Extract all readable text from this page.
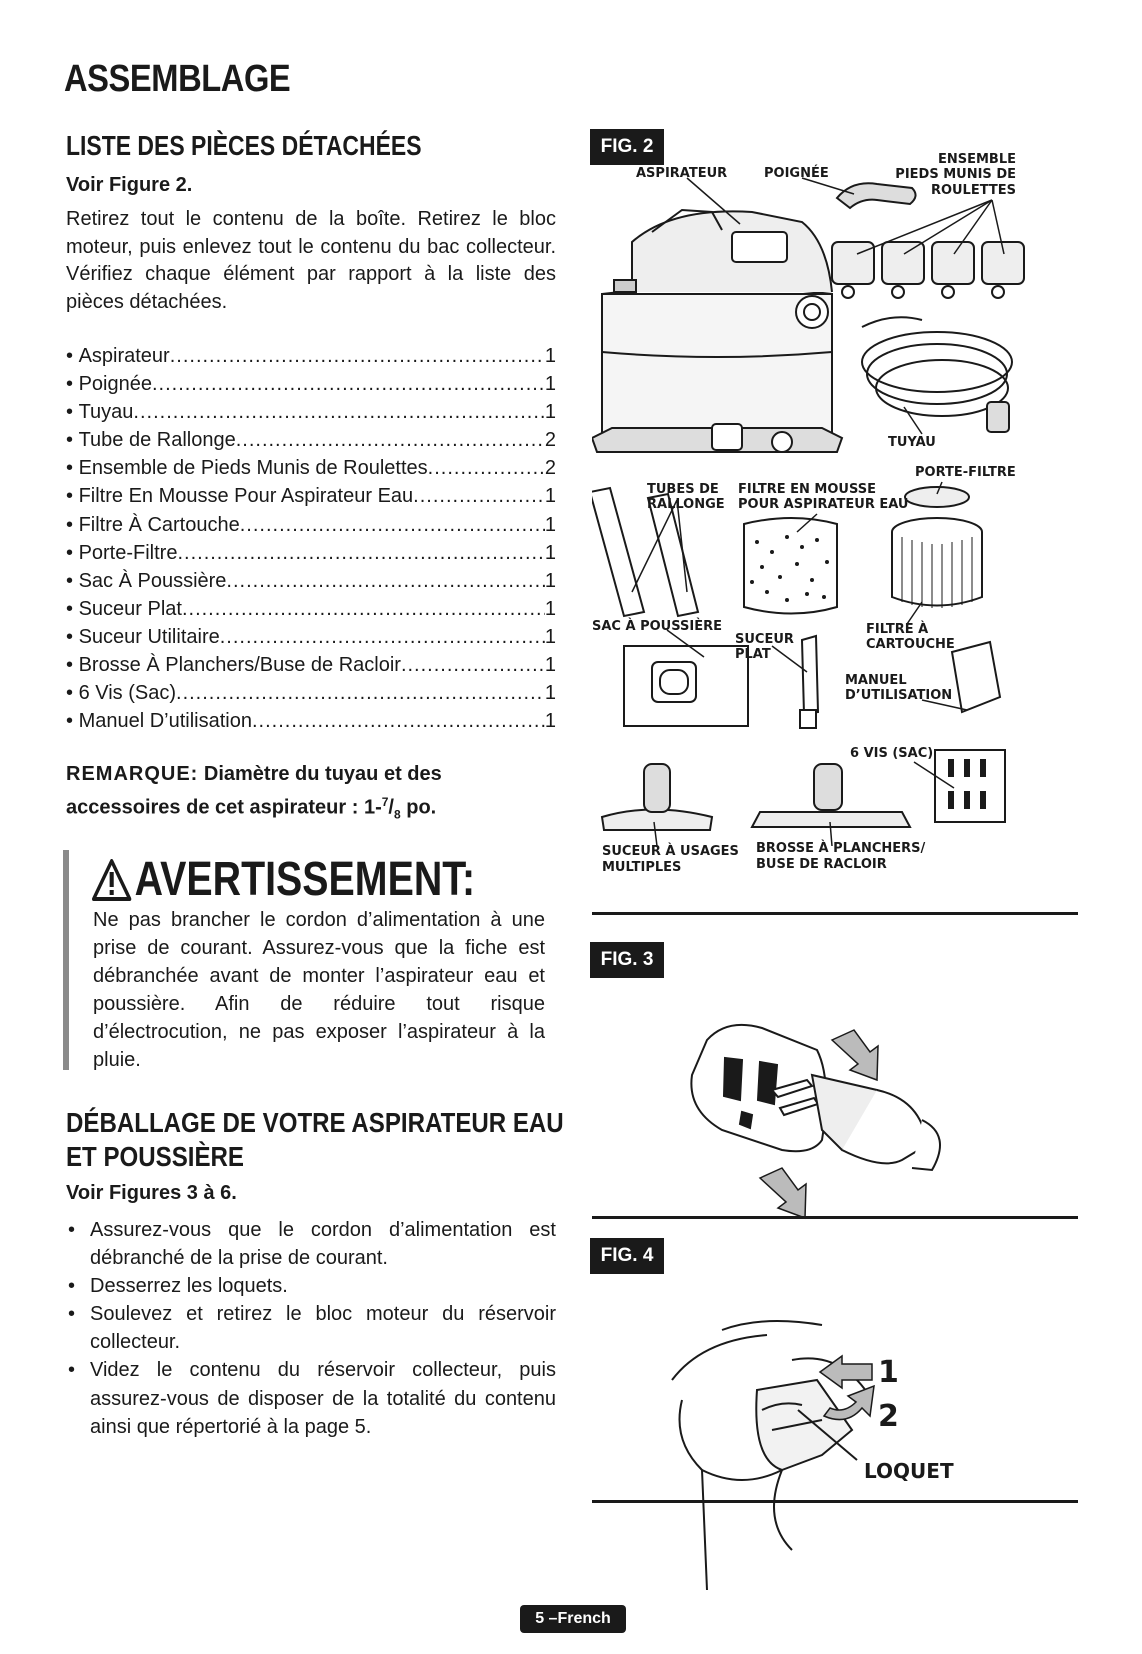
ASSEMBLAGE
LISTE DES PIÈCES DÉTACHÉES
Voir Figure 2.
Retirez tout le contenu de la boîte. Retirez le bloc moteur, puis enlevez tout le contenu du bac collecteur. Vérifiez chaque élément par rapport à la liste des pièces détachées.
• Aspirateur .....	1
• Poignée .....	1
• Tuyau .....	1
• Tube de Rallonge .....	2
• Ensemble de Pieds Munis de Roulettes .....	2
• Filtre En Mousse Pour Aspirateur Eau .....	1
• Filtre À Cartouche .....	1
• Porte-Filtre .....	1
• Sac À Poussière .....	1
• Suceur Plat .....	1
• Suceur Utilitaire .....	1
• Brosse À Planchers/Buse de Racloir .....	1
• 6 Vis (Sac) .....	1
• Manuel D’utilisation .....	1
REMARQUE: Diamètre du tuyau et des
accessoires de cet aspirateur : $1-^7/_8$ po.
AVERTISSEMENT:
Ne pas brancher le cordon d’alimentation à une prise de courant. Assurez-vous que la fiche est débranchée avant de monter l’aspirateur eau et poussière. Afin de réduire tout risque d’électrocution, ne pas exposer l’aspirateur à la pluie.
DÉBALLAGE DE VOTRE ASPIRATEUR EAU
ET POUSSIÈRE
Voir Figures 3 à 6.
• Assurez-vous que le cordon d’alimentation est débranché de la prise de courant.
• Desserrez les loquets.
• Soulevez et retirez le bloc moteur du réservoir collecteur.
• Videz le contenu du réservoir collecteur, puis assurez-vous de disposer de la totalité du contenu ainsi que répertorié à la page 5.
FIG. 2
ASPIRATEUR	POIGNÉE
ENSEMBLE
PIEDS MUNIS DE
ROULETTES
TUYAU
PORTE-FILTRE
TUBES DE
RALLONGE
FILTRE EN MOUSSE
POUR ASPIRATEUR EAU
SAC À POUSSIÈRE
SUCEUR
PLAT
FILTRE À
CARTOUCHE
MANUEL
D’UTILISATION
6 VIS (SAC)
SUCEUR À USAGES
MULTIPLES
BROSSE À PLANCHERS/
BUSE DE RACLOIR
FIG. 3
FIG. 4
1
2
LOQUET
5 –French
